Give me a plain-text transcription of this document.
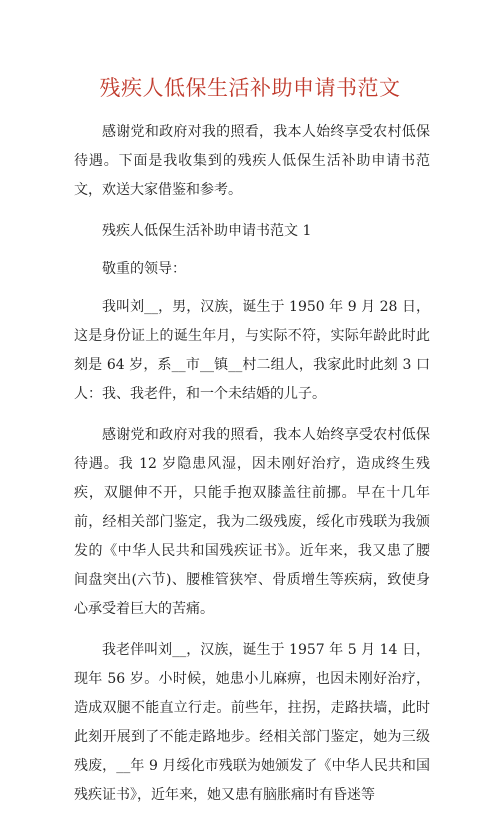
残疾人低保生活补助申请书范文

感谢党和政府对我的照看，我本人始终享受农村低保待遇。下面是我收集到的残疾人低保生活补助申请书范文，欢送大家借鉴和参考。

残疾人低保生活补助申请书范文 1

敬重的领导：

我叫刘__，男，汉族，诞生于 1950 年 9 月 28 日，这是身份证上的诞生年月，与实际不符，实际年龄此时此刻是 64 岁，系__市__镇__村二组人，我家此时此刻 3 口人：我、我老件，和一个未结婚的儿子。

感谢党和政府对我的照看，我本人始终享受农村低保待遇。我 12 岁隐患风湿，因未刚好治疗，造成终生残疾，双腿伸不开，只能手抱双膝盖往前挪。早在十几年前，经相关部门鉴定，我为二级残废，绥化市残联为我颁发的《中华人民共和国残疾证书》。近年来，我又患了腰间盘突出(六节)、腰椎管狭窄、骨质增生等疾病，致使身心承受着巨大的苦痛。

我老伴叫刘__，汉族，诞生于 1957 年 5 月 14 日，现年 56 岁。小时候，她患小儿麻痹，也因未刚好治疗，造成双腿不能直立行走。前些年，拄拐，走路扶墙，此时此刻开展到了不能走路地步。经相关部门鉴定，她为三级残废，__年 9 月绥化市残联为她颁发了《中华人民共和国残疾证书》，近年来，她又患有脑胀痛时有昏迷等
